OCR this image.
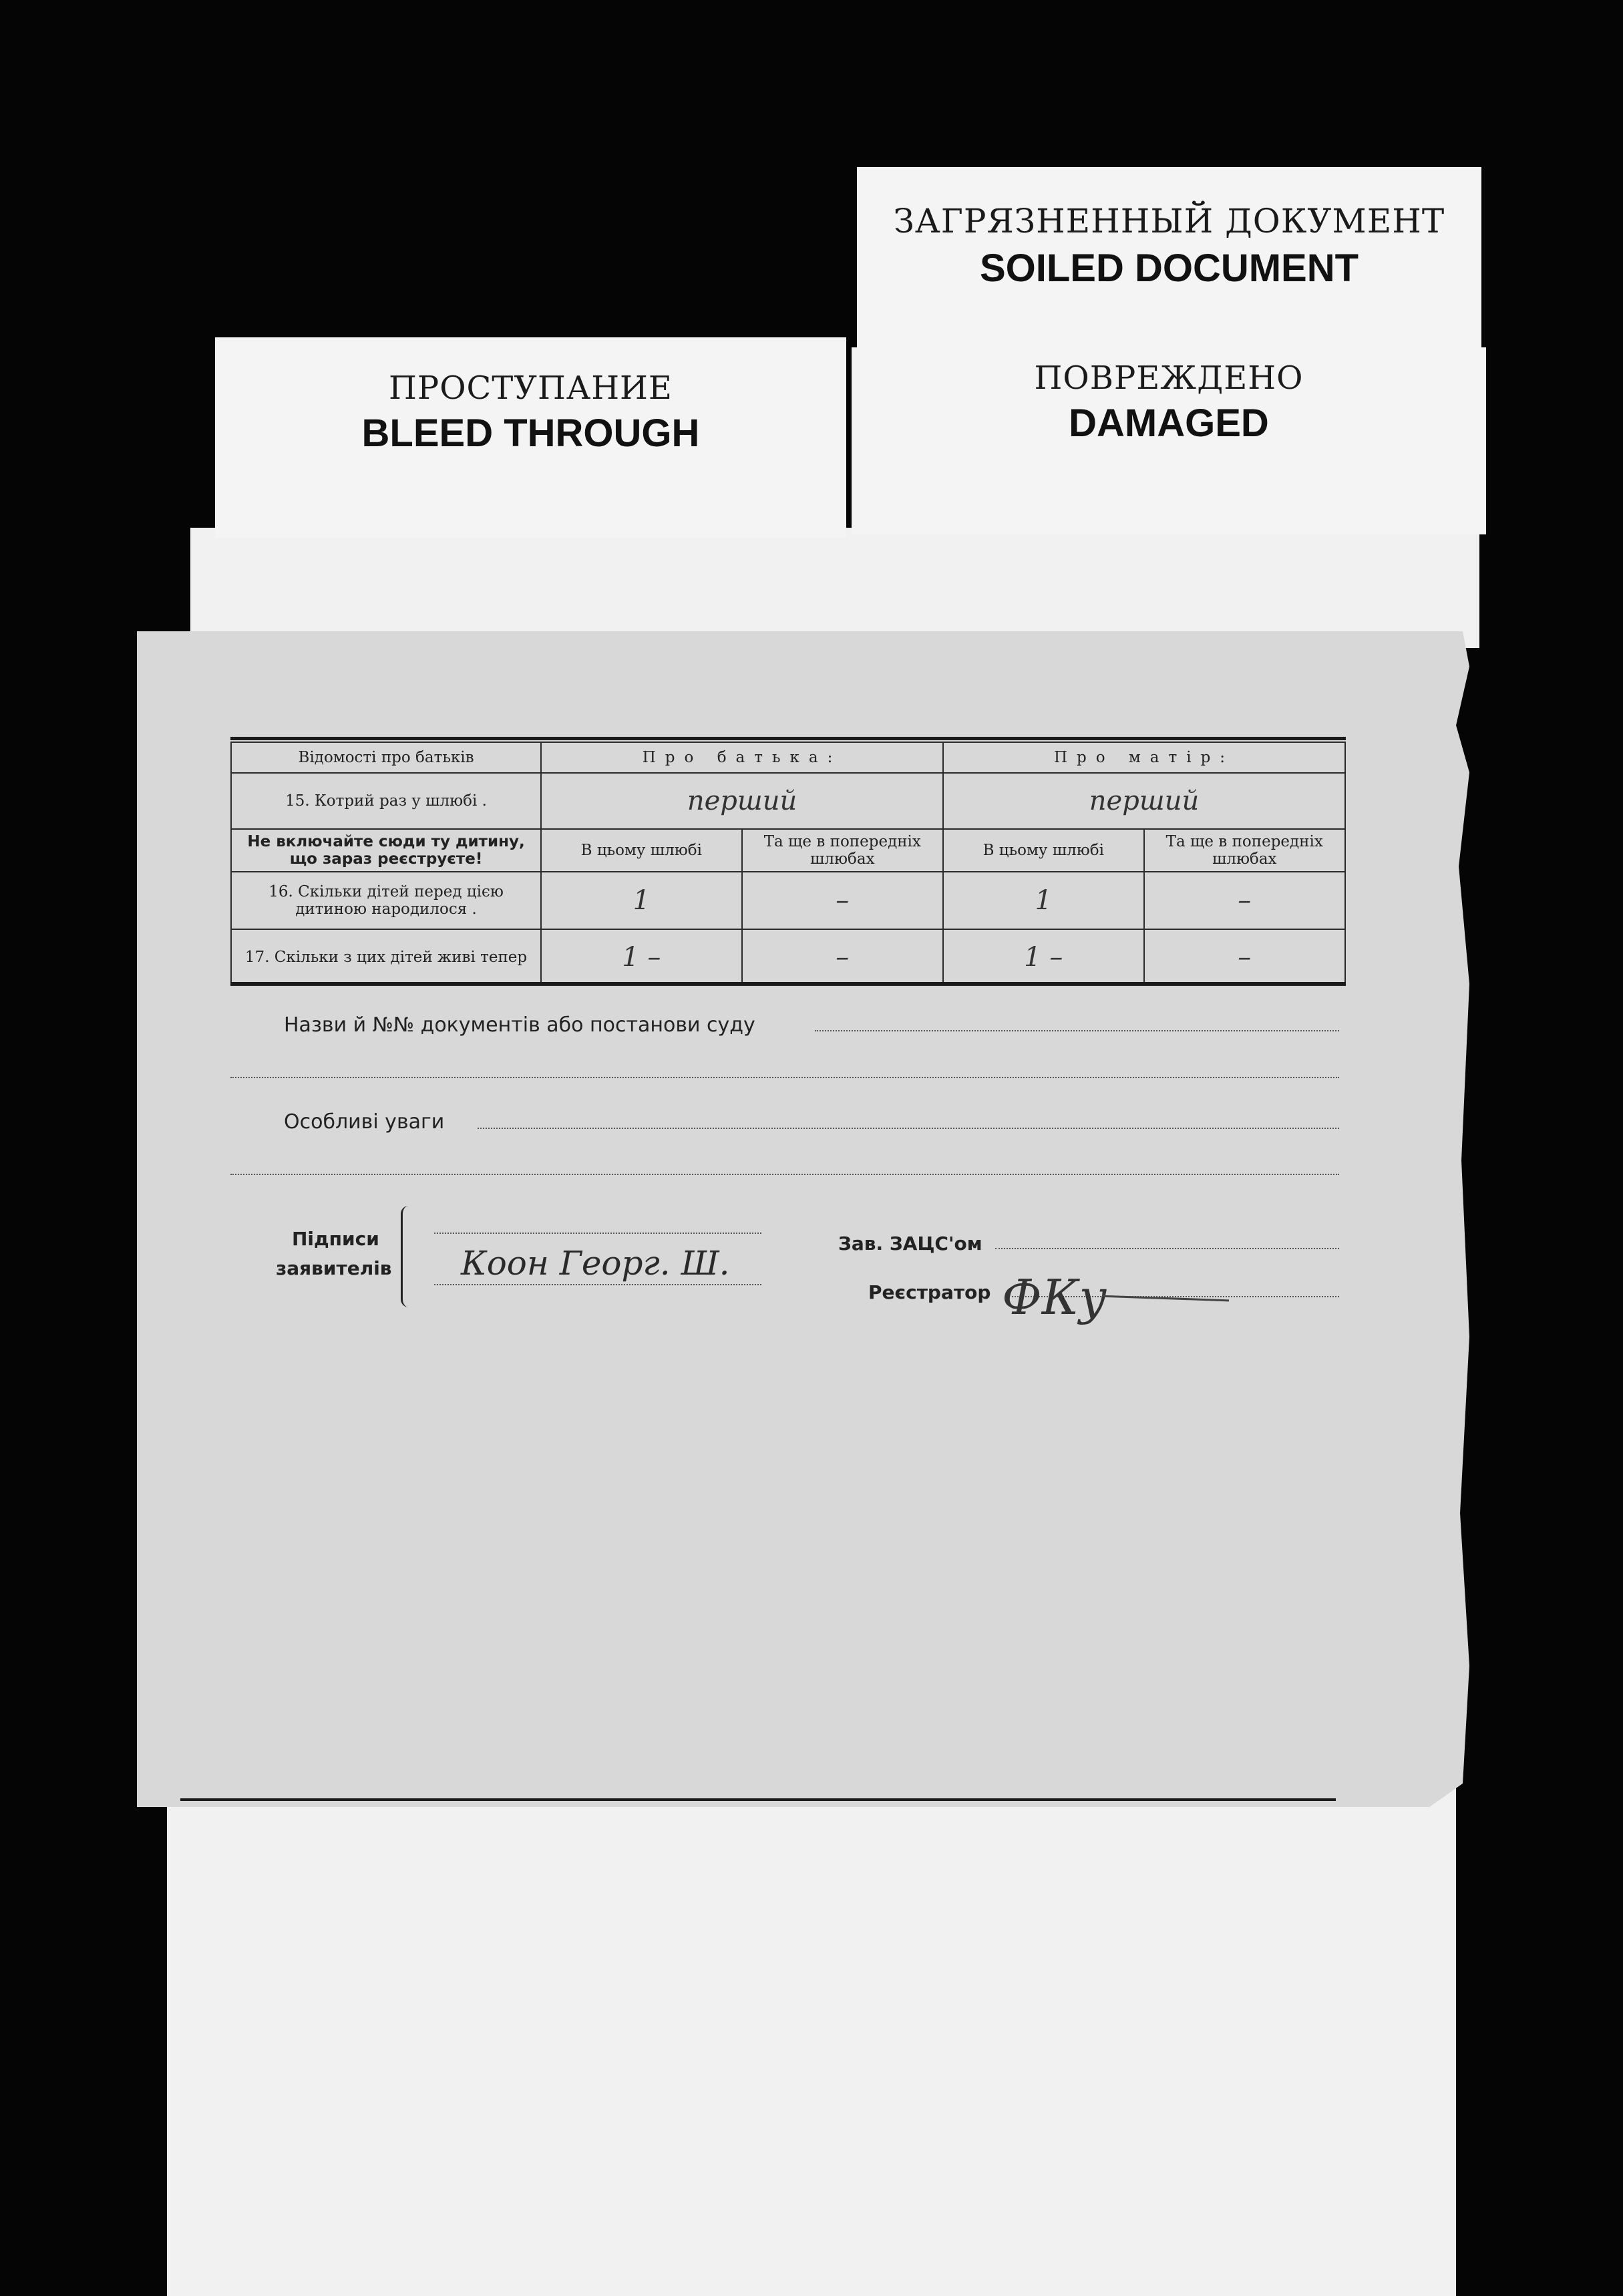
ЗАГРЯЗНЕННЫЙ ДОКУМЕНТ
SOILED DOCUMENT
ПРОСТУПАНИЕ
BLEED THROUGH
ПОВРЕЖДЕНО
DAMAGED
Відомості про батьків	Про батька:		Про матір:	
15. Котрий раз у шлюбі .	перший		перший	
Не включайте сюди ту дитину, що зараз реєструєте!	В цьому шлюбі	Та ще в попередніх шлюбах	В цьому шлюбі	Та ще в попередніх шлюбах
16. Скільки дітей перед цією дитиною народилося .	1	–	1	–
17. Скільки з цих дітей живі тепер	1 –	–	1 –	–
Назви й №№ документів або постанови суду
Особливі уваги
Підписи
заявителів Коон Георг. Ш.
Зав. ЗАЦС'ом
Реєстратор ФКу
